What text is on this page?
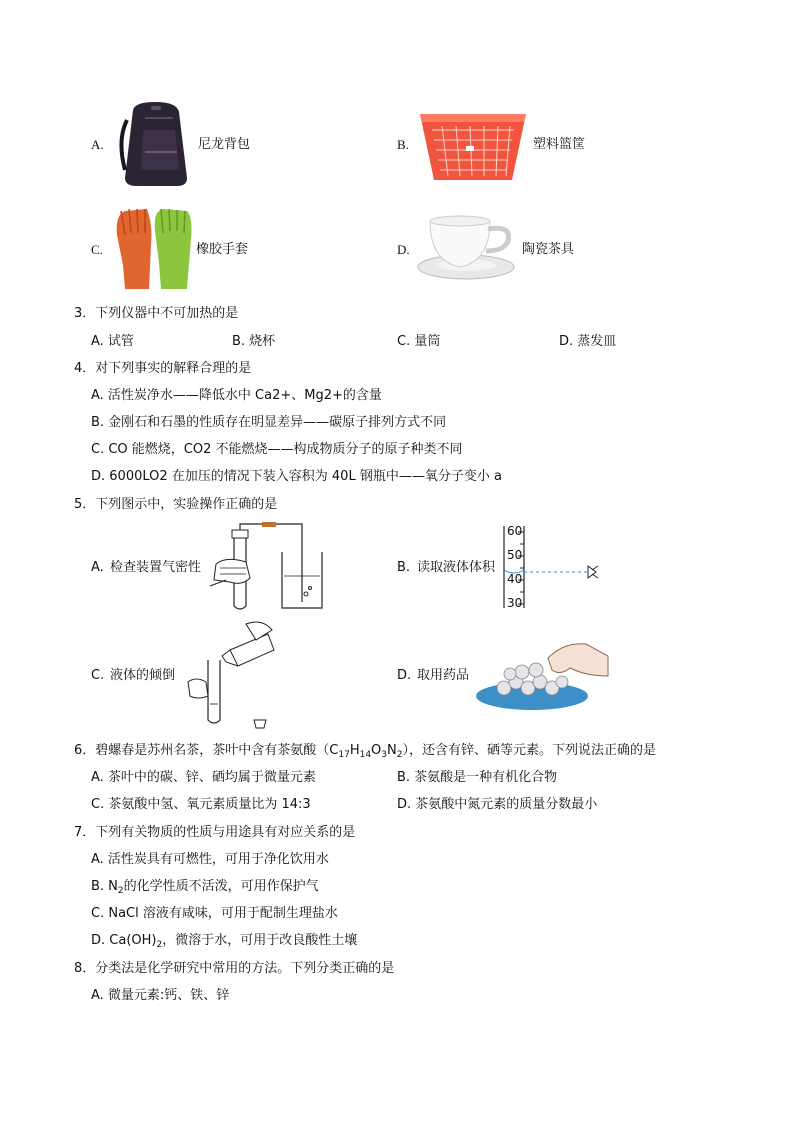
A.	尼龙背包	B.	塑料篮筐
C.	橡胶手套	D.	陶瓷茶具
3．下列仪器中不可加热的是
A. 试管	B. 烧杯	C. 量筒	D. 蒸发皿
4．对下列事实的解释合理的是
A. 活性炭净水——降低水中 Ca2+、Mg2+的含量
B. 金刚石和石墨的性质存在明显差异——碳原子排列方式不同
C. CO 能燃烧，CO2 不能燃烧——构成物质分子的原子种类不同
D. 6000LO2 在加压的情况下装入容积为 40L 钢瓶中——氧分子变小 a
5．下列图示中，实验操作正确的是
A. 检查装置气密性	B. 读取液体体积
60
50
40
30
C. 液体的倾倒	D. 取用药品
6．碧螺春是苏州名茶，茶叶中含有茶氨酸$(C_{17}H_{14}O_3N_2)$，还含有锌、硒等元素。下列说法正确的是
A. 茶叶中的碳、锌、硒均属于微量元素	B. 茶氨酸是一种有机化合物
C. 茶氨酸中氢、氧元素质量比为 14:3	D. 茶氨酸中氮元素的质量分数最小
7．下列有关物质的性质与用途具有对应关系的是
A. 活性炭具有可燃性，可用于净化饮用水
B. $N_2$的化学性质不活泼，可用作保护气
C. NaCl 溶液有咸味，可用于配制生理盐水
D. $Ca(OH)_2$，微溶于水，可用于改良酸性土壤
8．分类法是化学研究中常用的方法。下列分类正确的是
A. 微量元素:钙、铁、锌
